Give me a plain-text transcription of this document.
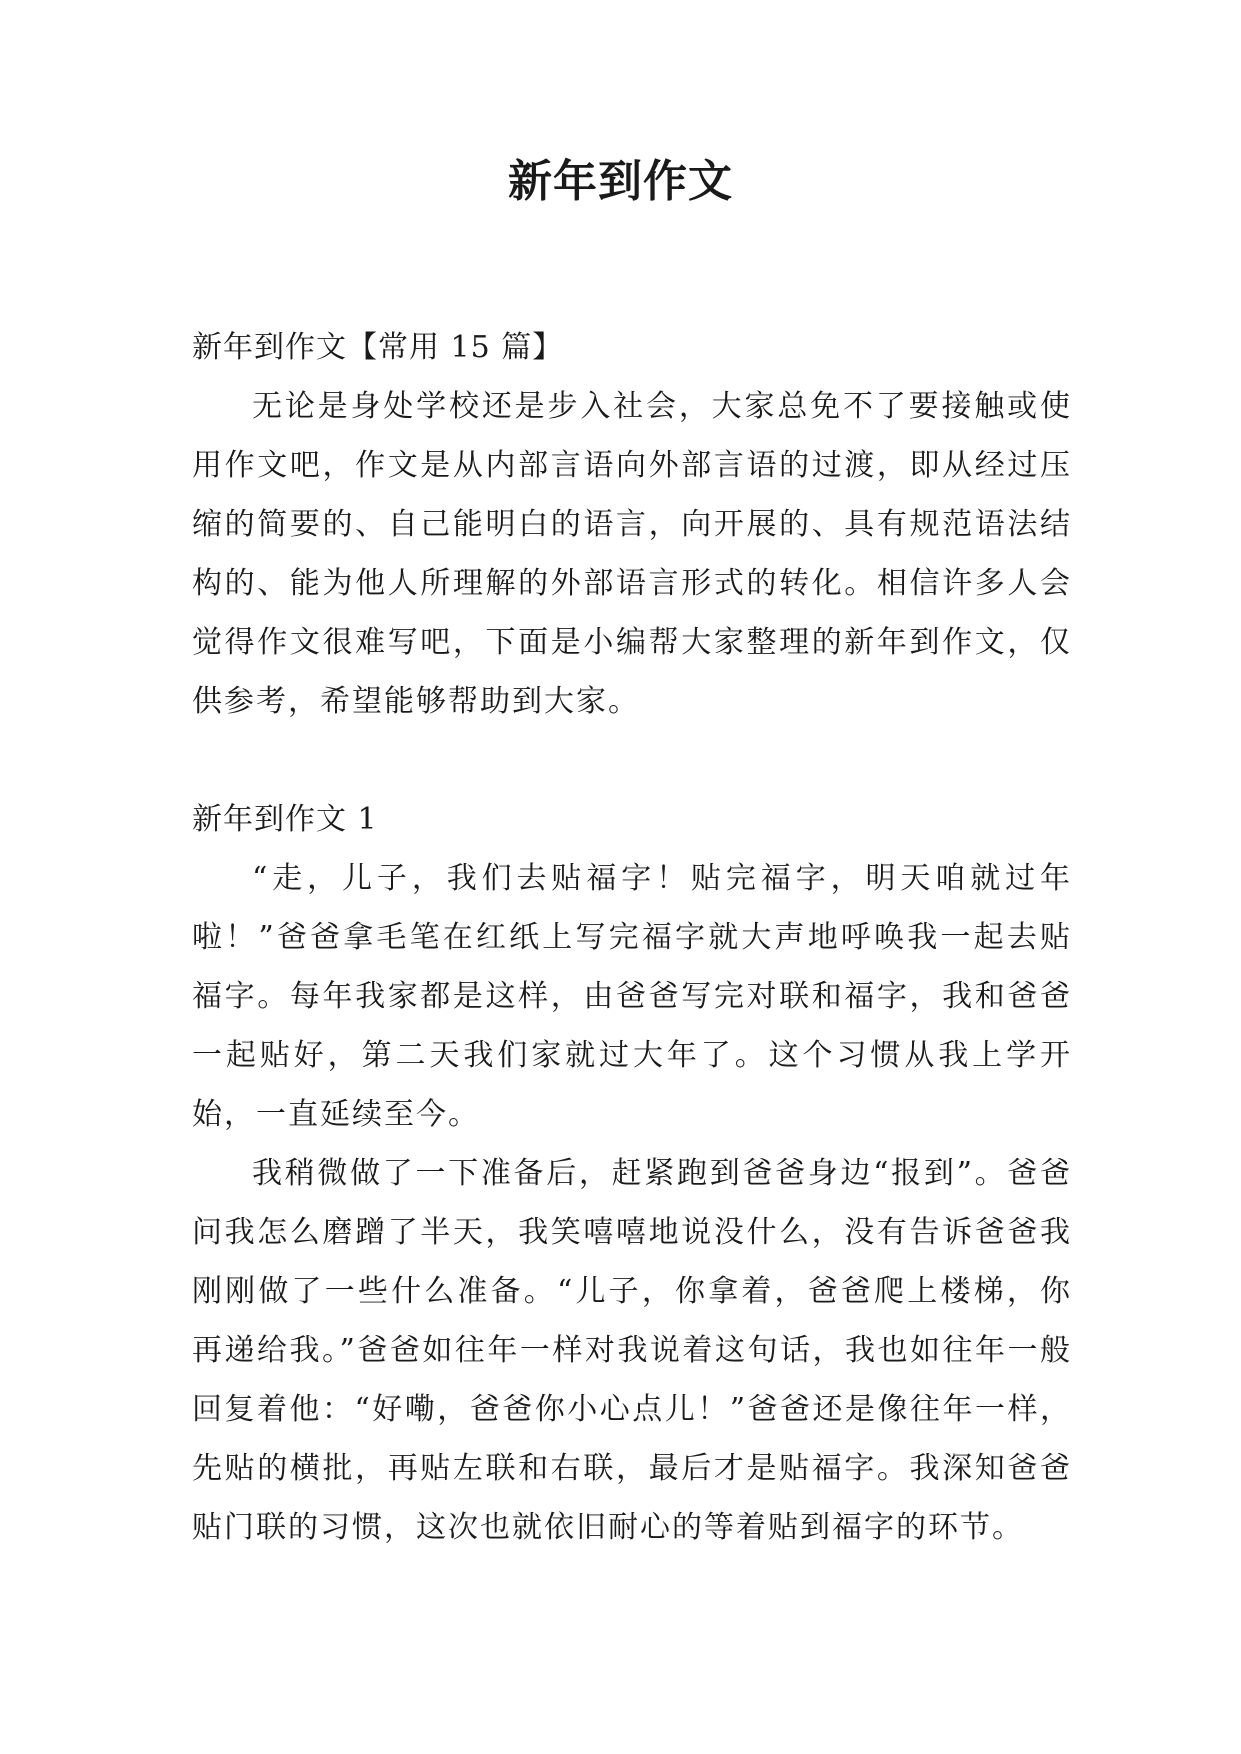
新年到作文
新年到作文【常用 15 篇】

无论是身处学校还是步入社会，大家总免不了要接触或使用作文吧，作文是从内部言语向外部言语的过渡，即从经过压缩的简要的、自己能明白的语言，向开展的、具有规范语法结构的、能为他人所理解的外部语言形式的转化。相信许多人会觉得作文很难写吧，下面是小编帮大家整理的新年到作文，仅供参考，希望能够帮助到大家。

新年到作文 1

“走，儿子，我们去贴福字！贴完福字，明天咱就过年啦！”爸爸拿毛笔在红纸上写完福字就大声地呼唤我一起去贴福字。每年我家都是这样，由爸爸写完对联和福字，我和爸爸一起贴好，第二天我们家就过大年了。这个习惯从我上学开始，一直延续至今。

我稍微做了一下准备后，赶紧跑到爸爸身边“报到”。爸爸问我怎么磨蹭了半天，我笑嘻嘻地说没什么，没有告诉爸爸我刚刚做了一些什么准备。“儿子，你拿着，爸爸爬上楼梯，你再递给我。”爸爸如往年一样对我说着这句话，我也如往年一般回复着他：“好嘞，爸爸你小心点儿！”爸爸还是像往年一样，先贴的横批，再贴左联和右联，最后才是贴福字。我深知爸爸贴门联的习惯，这次也就依旧耐心的等着贴到福字的环节。
